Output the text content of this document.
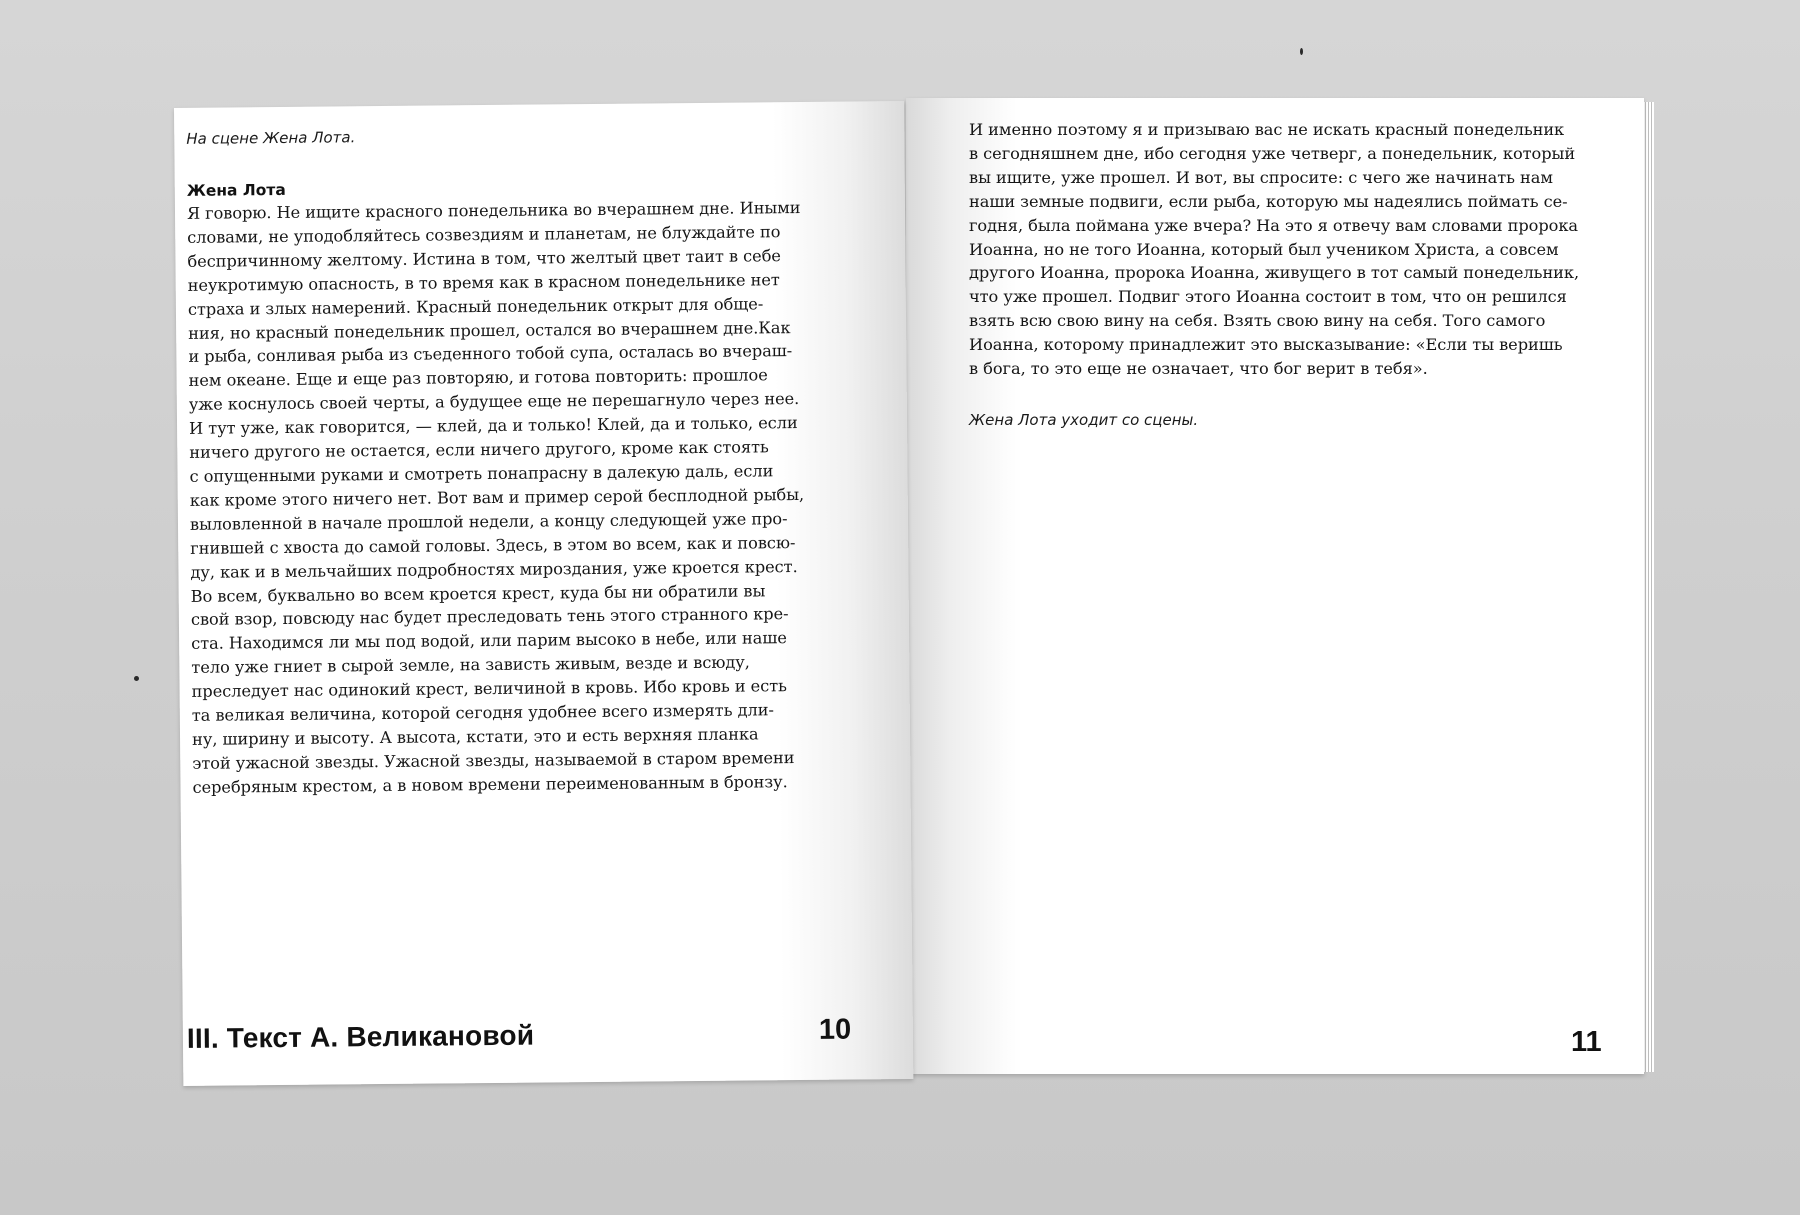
И именно поэтому я и призываю вас не искать красный понедельник
в сегодняшнем дне, ибо сегодня уже четверг, а понедельник, который
вы ищите, уже прошел. И вот, вы спросите: с чего же начинать нам
наши земные подвиги, если рыба, которую мы надеялись поймать се-
годня, была поймана уже вчера? На это я отвечу вам словами пророка
Иоанна, но не того Иоанна, который был учеником Христа, а совсем
другого Иоанна, пророка Иоанна, живущего в тот самый понедельник,
что уже прошел. Подвиг этого Иоанна состоит в том, что он решился
взять всю свою вину на себя. Взять свою вину на себя. Того самого
Иоанна, которому принадлежит это высказывание: «Если ты веришь
в бога, то это еще не означает, что бог верит в тебя».
Жена Лота уходит со сцены.
11
На сцене Жена Лота.
Жена Лота
Я говорю. Не ищите красного понедельника во вчерашнем дне. Иными
словами, не уподобляйтесь созвездиям и планетам, не блуждайте по
беспричинному желтому. Истина в том, что желтый цвет таит в себе
неукротимую опасность, в то время как в красном понедельнике нет
страха и злых намерений. Красный понедельник открыт для обще-
ния, но красный понедельник прошел, остался во вчерашнем дне.Как
и рыба, сонливая рыба из съеденного тобой супа, осталась во вчераш-
нем океане. Еще и еще раз повторяю, и готова повторить: прошлое
уже коснулось своей черты, а будущее еще не перешагнуло через нее.
И тут уже, как говорится, — клей, да и только! Клей, да и только, если
ничего другого не остается, если ничего другого, кроме как стоять
с опущенными руками и смотреть понапрасну в далекую даль, если
как кроме этого ничего нет. Вот вам и пример серой бесплодной рыбы,
выловленной в начале прошлой недели, а концу следующей уже про-
гнившей с хвоста до самой головы. Здесь, в этом во всем, как и повсю-
ду, как и в мельчайших подробностях мироздания, уже кроется крест.
Во всем, буквально во всем кроется крест, куда бы ни обратили вы
свой взор, повсюду нас будет преследовать тень этого странного кре-
ста. Находимся ли мы под водой, или парим высоко в небе, или наше
тело уже гниет в сырой земле, на зависть живым, везде и всюду,
преследует нас одинокий крест, величиной в кровь. Ибо кровь и есть
та великая величина, которой сегодня удобнее всего измерять дли-
ну, ширину и высоту. А высота, кстати, это и есть верхняя планка
этой ужасной звезды. Ужасной звезды, называемой в старом времени
серебряным крестом, а в новом времени переименованным в бронзу.
III. Текст А. Великановой	10
